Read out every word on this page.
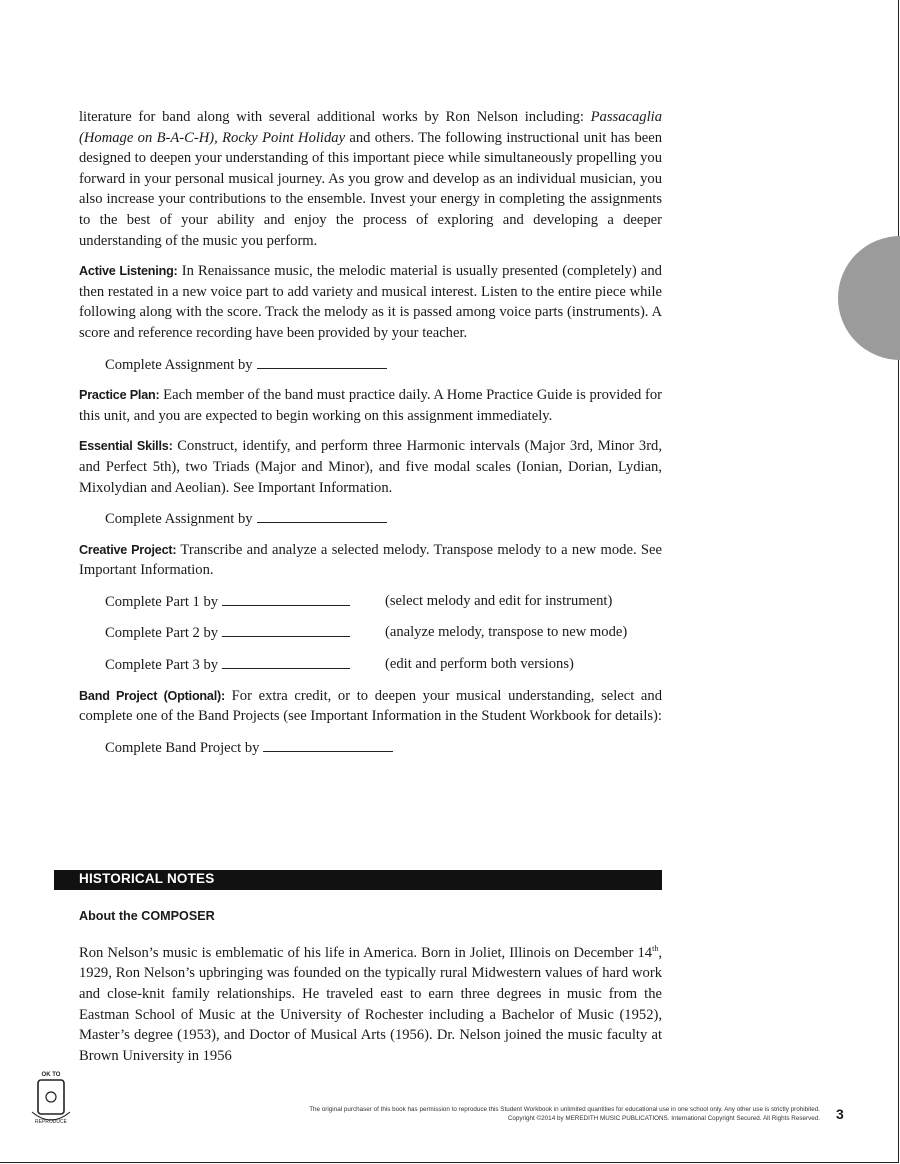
literature for band along with several additional works by Ron Nelson including: Passacaglia (Homage on B-A-C-H), Rocky Point Holiday and others. The following instructional unit has been designed to deepen your understanding of this important piece while simultaneously propelling you forward in your personal musical journey. As you grow and develop as an individual musician, you also increase your contributions to the ensemble. Invest your energy in completing the assignments to the best of your ability and enjoy the process of exploring and developing a deeper understanding of the music you perform.

Active Listening: In Renaissance music, the melodic material is usually presented (completely) and then restated in a new voice part to add variety and musical interest. Listen to the entire piece while following along with the score. Track the melody as it is passed among voice parts (instruments). A score and reference recording have been provided by your teacher.

Complete Assignment by

Practice Plan: Each member of the band must practice daily. A Home Practice Guide is provided for this unit, and you are expected to begin working on this assignment immediately.

Essential Skills: Construct, identify, and perform three Harmonic intervals (Major 3rd, Minor 3rd, and Perfect 5th), two Triads (Major and Minor), and five modal scales (Ionian, Dorian, Lydian, Mixolydian and Aeolian). See Important Information.

Complete Assignment by

Creative Project: Transcribe and analyze a selected melody. Transpose melody to a new mode. See Important Information.

Complete Part 1 by	(select melody and edit for instrument)
Complete Part 2 by	(analyze melody, transpose to new mode)
Complete Part 3 by	(edit and perform both versions)

Band Project (Optional): For extra credit, or to deepen your musical understanding, select and complete one of the Band Projects (see Important Information in the Student Workbook for details):

Complete Band Project by
HISTORICAL NOTES
About the COMPOSER
Ron Nelson’s music is emblematic of his life in America. Born in Joliet, Illinois on December 14th, 1929, Ron Nelson’s upbringing was founded on the typically rural Midwestern values of hard work and close-knit family relationships. He traveled east to earn three degrees in music from the Eastman School of Music at the University of Rochester including a Bachelor of Music (1952), Master’s degree (1953), and Doctor of Musical Arts (1956). Dr. Nelson joined the music faculty at Brown University in 1956
OK TO
REPRODUCE
The original purchaser of this book has permission to reproduce this Student Workbook in unlimited quantities for educational use in one school only. Any other use is strictly prohibited.
Copyright ©2014 by MEREDITH MUSIC PUBLICATIONS. International Copyright Secured. All Rights Reserved. 3
